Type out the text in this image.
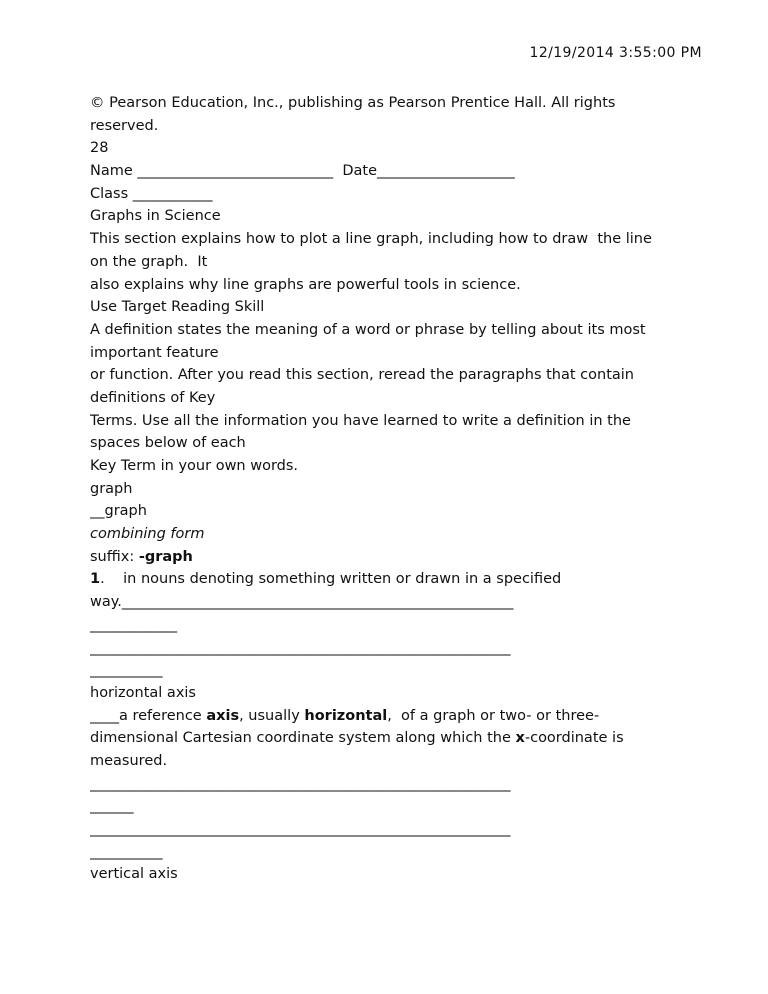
12/19/2014 3:55:00 PM
© Pearson Education, Inc., publishing as Pearson Prentice Hall. All rights
reserved.
28
Name ___________________________  Date___________________
Class ___________
Graphs in Science
This section explains how to plot a line graph, including how to draw  the line
on the graph.  It
also explains why line graphs are powerful tools in science.
Use Target Reading Skill
A definition states the meaning of a word or phrase by telling about its most
important feature
or function. After you read this section, reread the paragraphs that contain
definitions of Key
Terms. Use all the information you have learned to write a definition in the
spaces below of each
Key Term in your own words.
graph
__graph
combining form
suffix: -graph
1.    in nouns denoting something written or drawn in a specified
way.______________________________________________________
____________
__________________________________________________________
__________
horizontal axis
____a reference axis, usually horizontal,  of a graph or two- or three-
dimensional Cartesian coordinate system along which the x-coordinate is
measured.
__________________________________________________________
______
__________________________________________________________
__________
vertical axis
